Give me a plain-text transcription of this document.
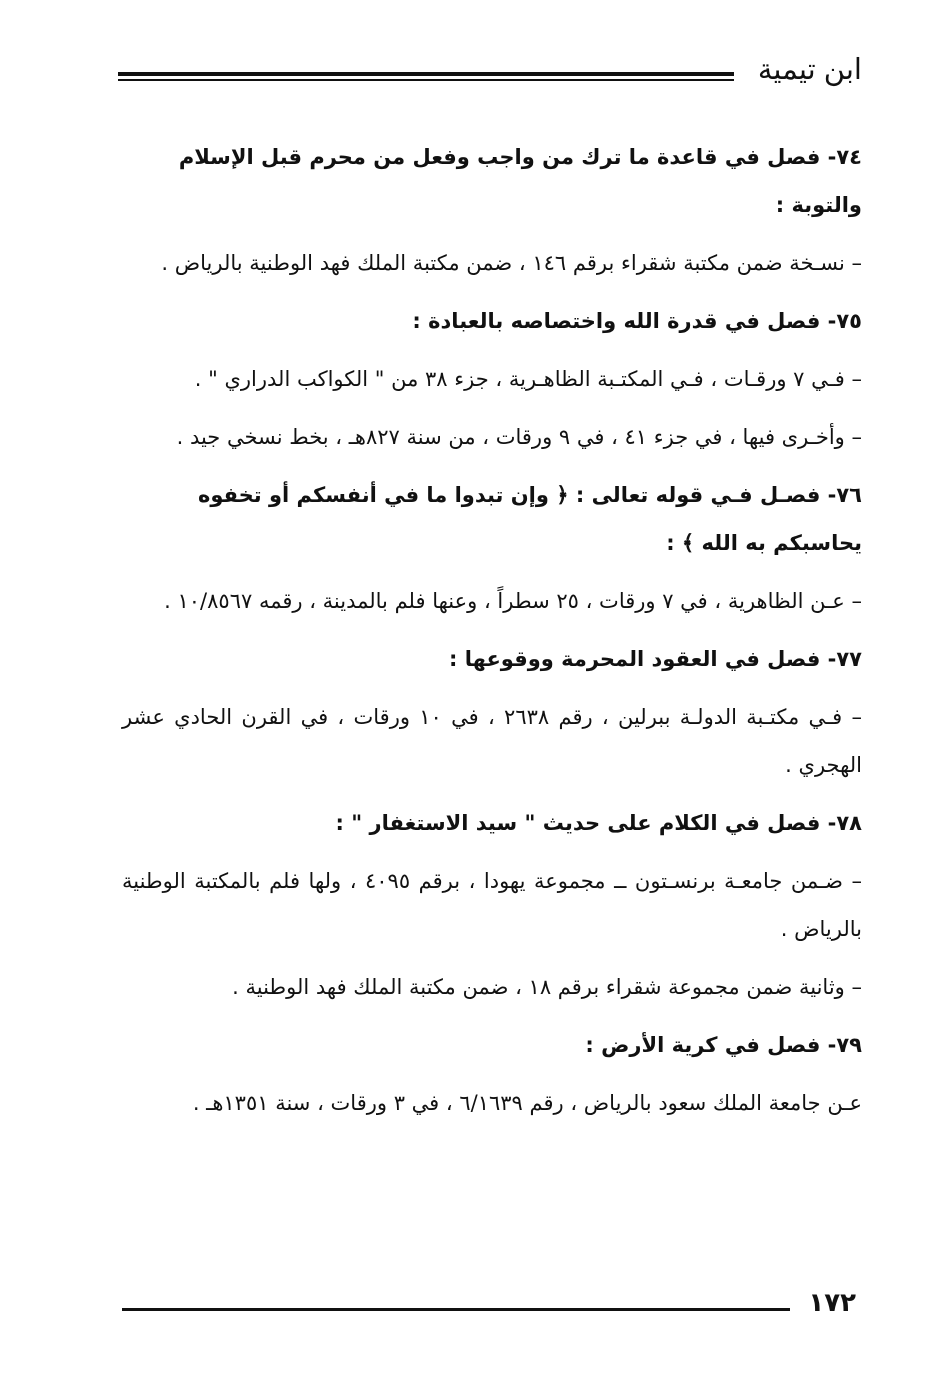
ابن تيمية

٧٤- فصل في قاعدة ما ترك من واجب وفعل من محرم قبل الإسلام والتوبة :

– نسـخة ضمن مكتبة شقراء برقم ١٤٦ ، ضمن مكتبة الملك فهد الوطنية بالرياض .

٧٥- فصل في قدرة الله واختصاصه بالعبادة :

– فـي ٧ ورقـات ، فـي المكتـبة الظاهـرية ، جزء ٣٨ من " الكواكب الدراري " .

– وأخـرى فيها ، في جزء ٤١ ، في ٩ ورقات ، من سنة ٨٢٧هـ ، بخط نسخي جيد .

٧٦- فصـل فـي قوله تعالى : ﴿ وإن تبدوا ما في أنفسكم أو تخفوه يحاسبكم به الله ﴾ :

– عـن الظاهرية ، في ٧ ورقات ، ٢٥ سطراً ، وعنها فلم بالمدينة ، رقمه ١٠/٨٥٦٧ .

٧٧- فصل في العقود المحرمة ووقوعها :

– فـي مكتـبة الدولـة ببرلين ، رقم ٢٦٣٨ ، في ١٠ ورقات ، في القرن الحادي عشر الهجري .

٧٨- فصل في الكلام على حديث " سيد الاستغفار " :

– ضـمن جامعـة برنسـتون ــ مجموعة يهودا ، برقم ٤٠٩٥ ، ولها فلم بالمكتبة الوطنية بالرياض .

– وثانية ضمن مجموعة شقراء برقم ١٨ ، ضمن مكتبة الملك فهد الوطنية .

٧٩- فصل في كرية الأرض :

عـن جامعة الملك سعود بالرياض ، رقم ٦/١٦٣٩ ، في ٣ ورقات ، سنة ١٣٥١هـ .

١٧٢
